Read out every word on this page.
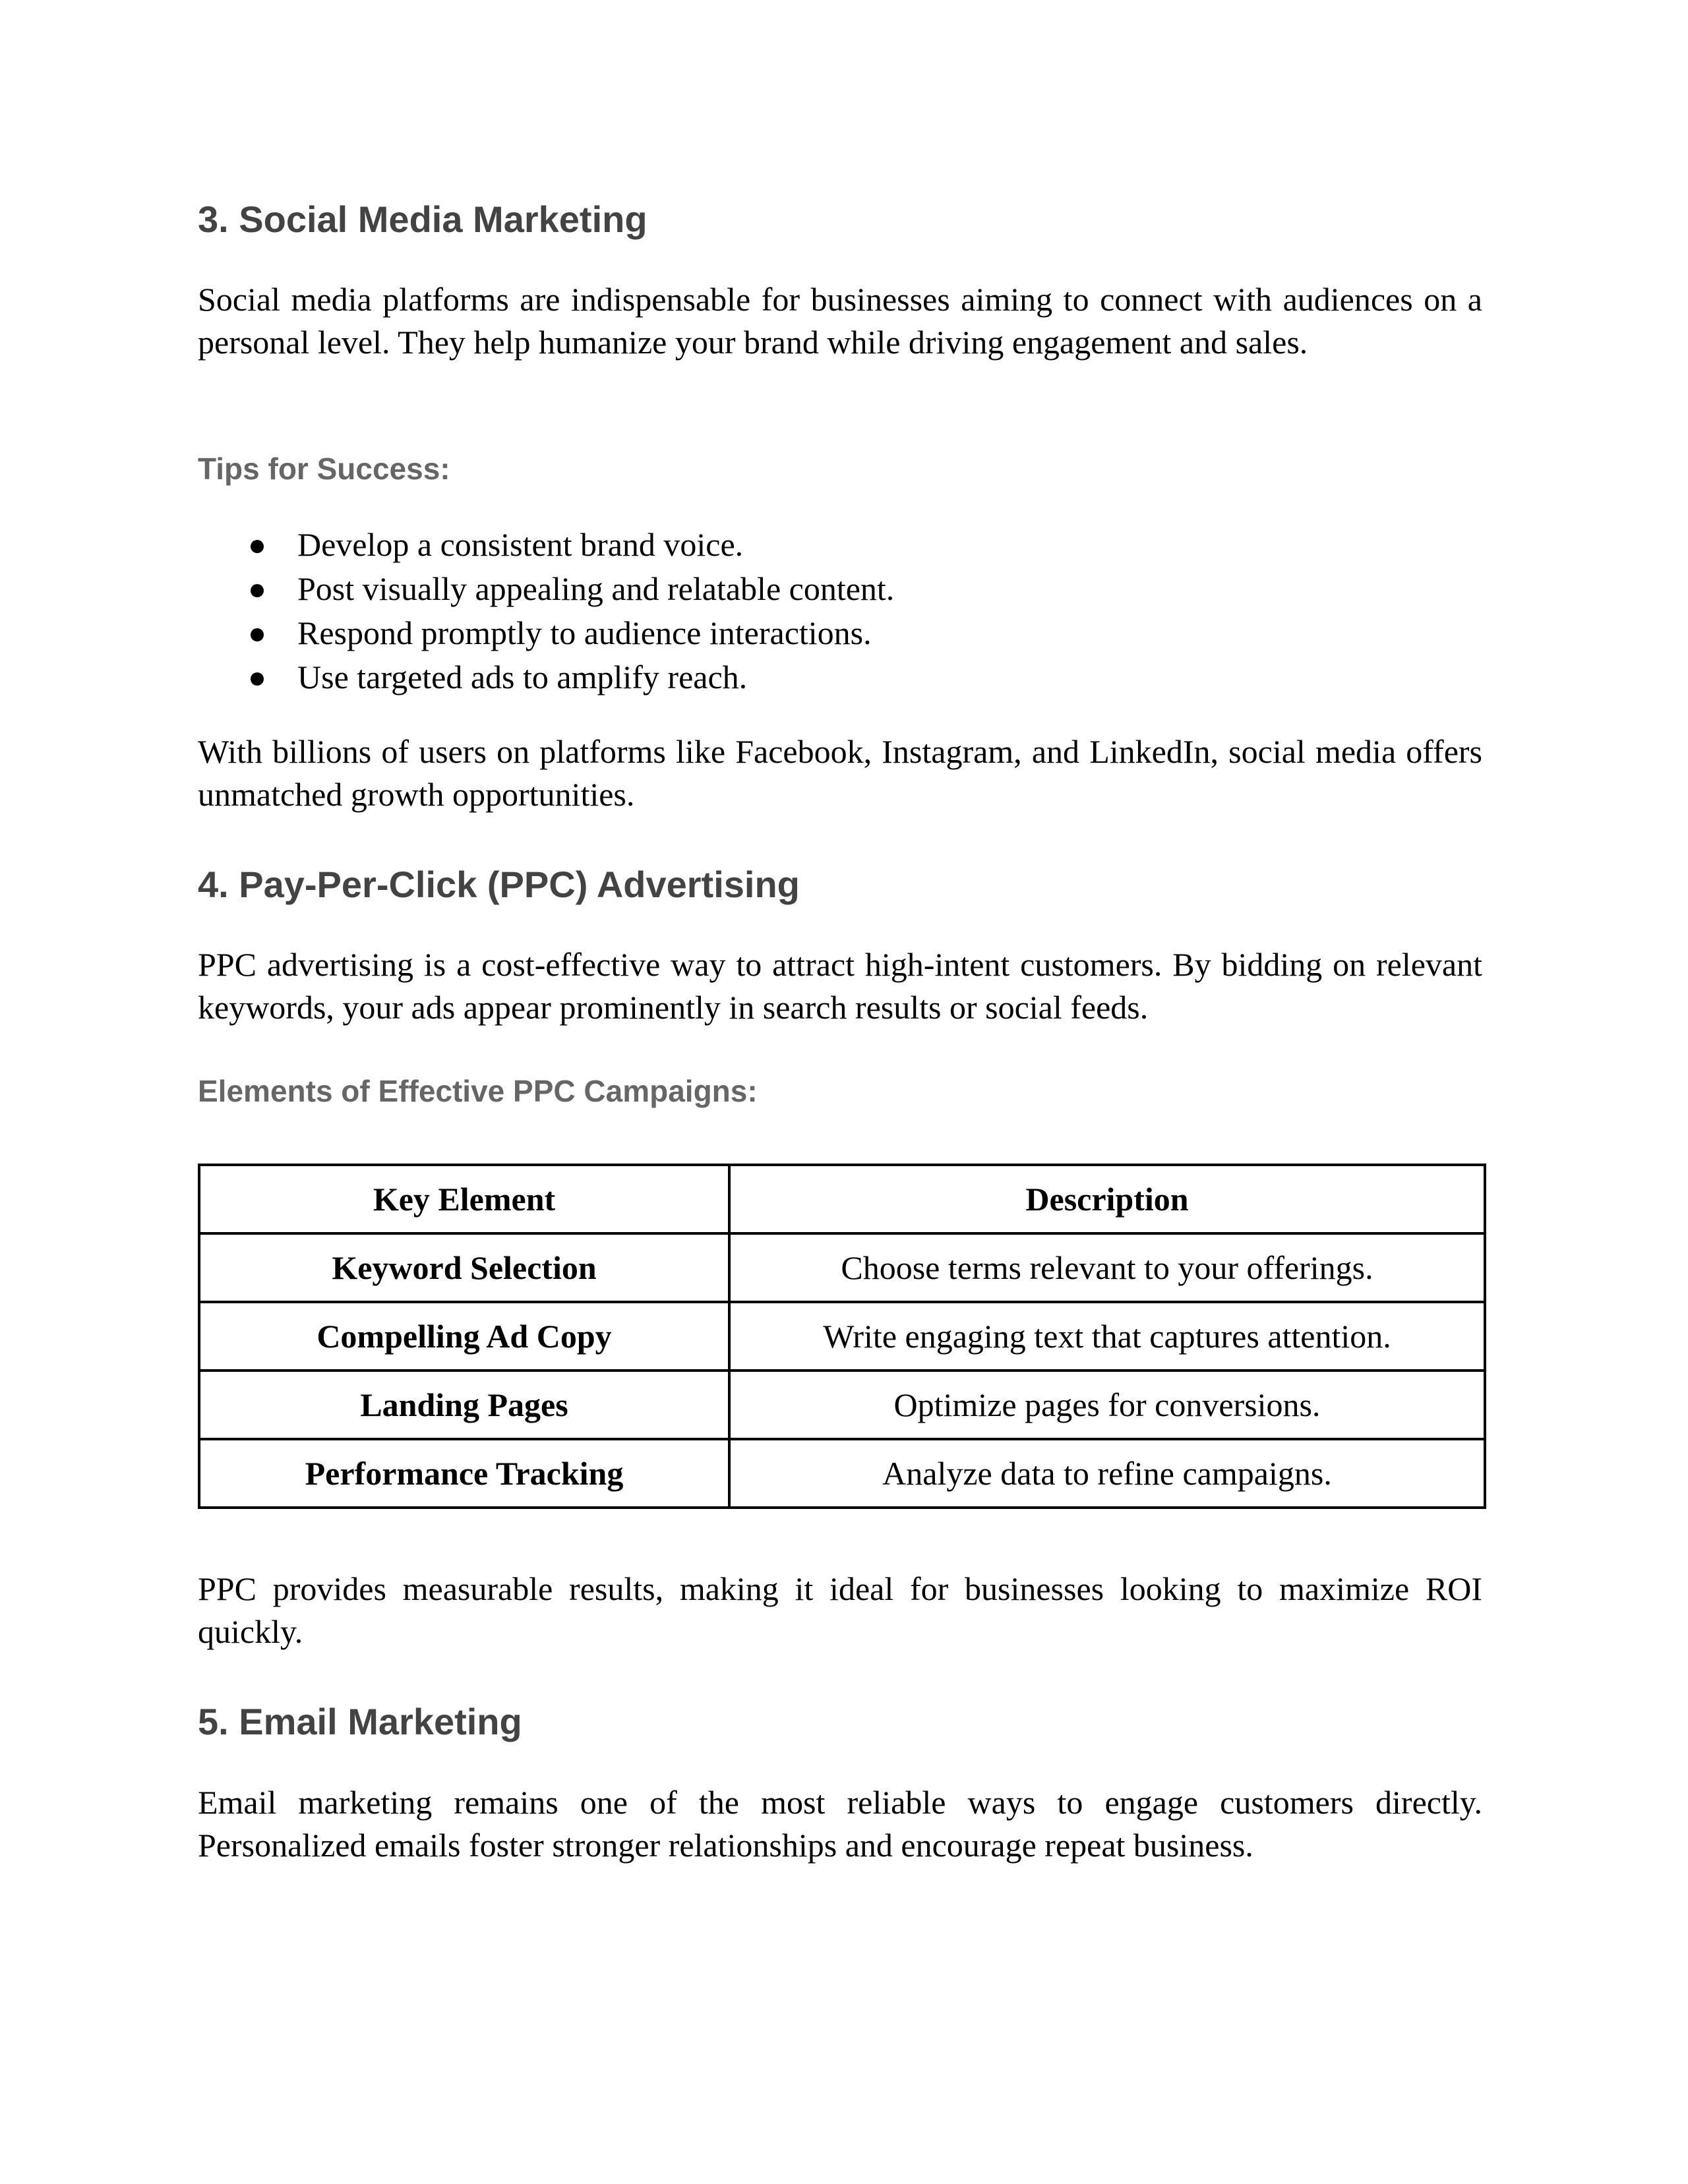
3. Social Media Marketing

Social media platforms are indispensable for businesses aiming to connect with audiences on a personal level. They help humanize your brand while driving engagement and sales.

Tips for Success:
Develop a consistent brand voice.
Post visually appealing and relatable content.
Respond promptly to audience interactions.
Use targeted ads to amplify reach.

With billions of users on platforms like Facebook, Instagram, and LinkedIn, social media offers unmatched growth opportunities.

4. Pay-Per-Click (PPC) Advertising

PPC advertising is a cost-effective way to attract high-intent customers. By bidding on relevant keywords, your ads appear prominently in search results or social feeds.

Elements of Effective PPC Campaigns:
Key Element	Description
Keyword Selection	Choose terms relevant to your offerings.
Compelling Ad Copy	Write engaging text that captures attention.
Landing Pages	Optimize pages for conversions.
Performance Tracking	Analyze data to refine campaigns.

PPC provides measurable results, making it ideal for businesses looking to maximize ROI quickly.

5. Email Marketing

Email marketing remains one of the most reliable ways to engage customers directly. Personalized emails foster stronger relationships and encourage repeat business.
